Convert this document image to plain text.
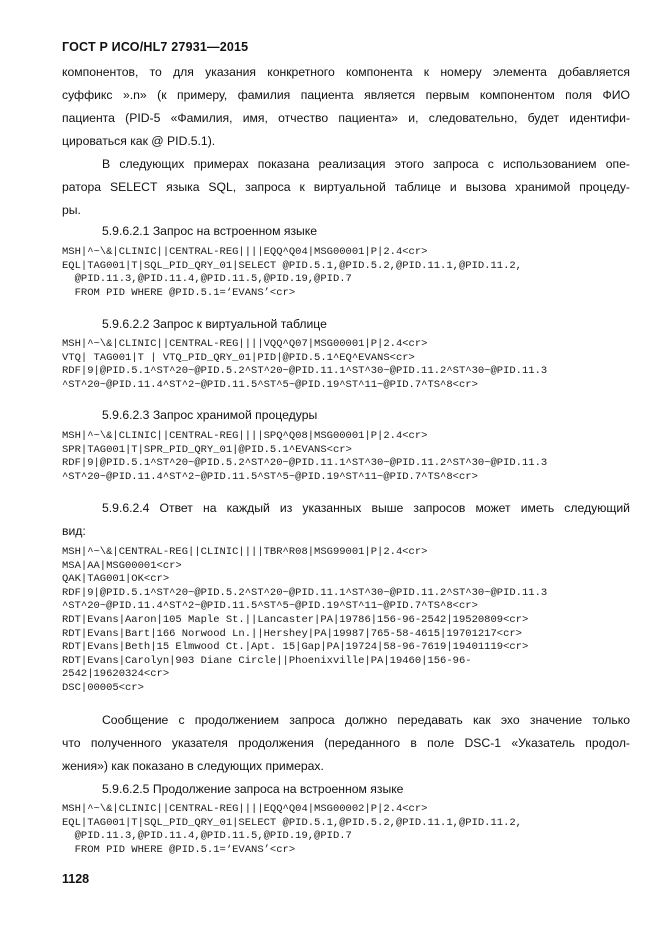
ГОСТ Р ИСО/HL7 27931—2015
компонентов, то для указания конкретного компонента к номеру элемента добавляется
суффикс ».n» (к примеру, фамилия пациента является первым компонентом поля ФИО
пациента (PID-5 «Фамилия, имя, отчество пациента» и, следовательно, будет идентифи-
цироваться как @ PID.5.1).
В следующих примерах показана реализация этого запроса с использованием опе-
ратора SELECT языка SQL, запроса к виртуальной таблице и вызова хранимой процеду-
ры.
5.9.6.2.1 Запрос на встроенном языке
MSH|^~\&|CLINIC||CENTRAL-REG||||EQQ^Q04|MSG00001|P|2.4<cr>
EQL|TAG001|T|SQL_PID_QRY_01|SELECT @PID.5.1,@PID.5.2,@PID.11.1,@PID.11.2,
@PID.11.3,@PID.11.4,@PID.11.5,@PID.19,@PID.7
FROM PID WHERE @PID.5.1=‘EVANS’<cr>
5.9.6.2.2 Запрос к виртуальной таблице
MSH|^~\&|CLINIC||CENTRAL-REG||||VQQ^Q07|MSG00001|P|2.4<cr>
VTQ| TAG001|T | VTQ_PID_QRY_01|PID|@PID.5.1^EQ^EVANS<cr>
RDF|9|@PID.5.1^ST^20~@PID.5.2^ST^20~@PID.11.1^ST^30~@PID.11.2^ST^30~@PID.11.3
^ST^20~@PID.11.4^ST^2~@PID.11.5^ST^5~@PID.19^ST^11~@PID.7^TS^8<cr>
5.9.6.2.3 Запрос хранимой процедуры
MSH|^~\&|CLINIC||CENTRAL-REG||||SPQ^Q08|MSG00001|P|2.4<cr>
SPR|TAG001|T|SPR_PID_QRY_01|@PID.5.1^EVANS<cr>
RDF|9|@PID.5.1^ST^20~@PID.5.2^ST^20~@PID.11.1^ST^30~@PID.11.2^ST^30~@PID.11.3
^ST^20~@PID.11.4^ST^2~@PID.11.5^ST^5~@PID.19^ST^11~@PID.7^TS^8<cr>
5.9.6.2.4 Ответ на каждый из указанных выше запросов может иметь следующий
вид:
MSH|^~\&|CENTRAL-REG||CLINIC||||TBR^R08|MSG99001|P|2.4<cr>
MSA|AA|MSG00001<cr>
QAK|TAG001|OK<cr>
RDF|9|@PID.5.1^ST^20~@PID.5.2^ST^20~@PID.11.1^ST^30~@PID.11.2^ST^30~@PID.11.3
^ST^20~@PID.11.4^ST^2~@PID.11.5^ST^5~@PID.19^ST^11~@PID.7^TS^8<cr>
RDT|Evans|Aaron|105 Maple St.||Lancaster|PA|19786|156-96-2542|19520809<cr>
RDT|Evans|Bart|166 Norwood Ln.||Hershey|PA|19987|765-58-4615|19701217<cr>
RDT|Evans|Beth|15 Elmwood Ct.|Apt. 15|Gap|PA|19724|58-96-7619|19401119<cr>
RDT|Evans|Carolyn|903 Diane Circle||Phoenixville|PA|19460|156-96-
2542|19620324<cr>
DSC|00005<cr>
Сообщение с продолжением запроса должно передавать как эхо значение только
что полученного указателя продолжения (переданного в поле DSC-1 «Указатель продол-
жения») как показано в следующих примерах.
5.9.6.2.5 Продолжение запроса на встроенном языке
MSH|^~\&|CLINIC||CENTRAL-REG||||EQQ^Q04|MSG00002|P|2.4<cr>
EQL|TAG001|T|SQL_PID_QRY_01|SELECT @PID.5.1,@PID.5.2,@PID.11.1,@PID.11.2,
@PID.11.3,@PID.11.4,@PID.11.5,@PID.19,@PID.7
FROM PID WHERE @PID.5.1=‘EVANS’<cr>
1128
